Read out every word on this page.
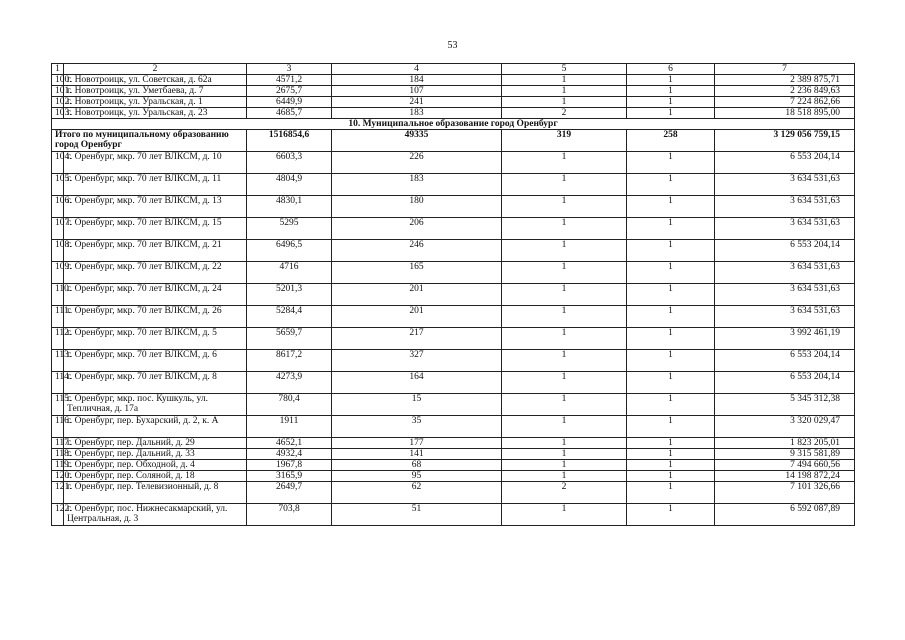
53
1	2	3	4	5	6	7
100.	г. Новотроицк, ул. Советская, д. 62а	4571,2	184	1	1	2 389 875,71
101.	г. Новотроицк, ул. Уметбаева, д. 7	2675,7	107	1	1	2 236 849,63
102.	г. Новотроицк, ул. Уральская, д. 1	6449,9	241	1	1	7 224 862,66
103.	г. Новотроицк, ул. Уральская, д. 23	4685,7	183	2	1	18 518 895,00
10. Муниципальное образование город Оренбург						
Итого по муниципальному образованию город Оренбург		1516854,6	49335	319	258	3 129 056 759,15
104.	г. Оренбург, мкр. 70 лет ВЛКСМ, д. 10	6603,3	226	1	1	6 553 204,14
105.	г. Оренбург, мкр. 70 лет ВЛКСМ, д. 11	4804,9	183	1	1	3 634 531,63
106.	г. Оренбург, мкр. 70 лет ВЛКСМ, д. 13	4830,1	180	1	1	3 634 531,63
107.	г. Оренбург, мкр. 70 лет ВЛКСМ, д. 15	5295	206	1	1	3 634 531,63
108.	г. Оренбург, мкр. 70 лет ВЛКСМ, д. 21	6496,5	246	1	1	6 553 204,14
109.	г. Оренбург, мкр. 70 лет ВЛКСМ, д. 22	4716	165	1	1	3 634 531,63
110.	г. Оренбург, мкр. 70 лет ВЛКСМ, д. 24	5201,3	201	1	1	3 634 531,63
111.	г. Оренбург, мкр. 70 лет ВЛКСМ, д. 26	5284,4	201	1	1	3 634 531,63
112.	г. Оренбург, мкр. 70 лет ВЛКСМ, д. 5	5659,7	217	1	1	3 992 461,19
113.	г. Оренбург, мкр. 70 лет ВЛКСМ, д. 6	8617,2	327	1	1	6 553 204,14
114.	г. Оренбург, мкр. 70 лет ВЛКСМ, д. 8	4273,9	164	1	1	6 553 204,14
115.	г. Оренбург, мкр. пос. Кушкуль, ул. Тепличная, д. 17а	780,4	15	1	1	5 345 312,38
116.	г. Оренбург, пер. Бухарский, д. 2, к. А	1911	35	1	1	3 320 029,47
117.	г. Оренбург, пер. Дальний, д. 29	4652,1	177	1	1	1 823 205,01
118.	г. Оренбург, пер. Дальний, д. 33	4932,4	141	1	1	9 315 581,89
119.	г. Оренбург, пер. Обходной, д. 4	1967,8	68	1	1	7 494 660,56
120.	г. Оренбург, пер. Соляной, д. 18	3165,9	95	1	1	14 198 872,24
121.	г. Оренбург, пер. Телевизионный, д. 8	2649,7	62	2	1	7 101 326,66
122.	г. Оренбург, пос. Нижнесакмарский, ул. Центральная, д. 3	703,8	51	1	1	6 592 087,89
